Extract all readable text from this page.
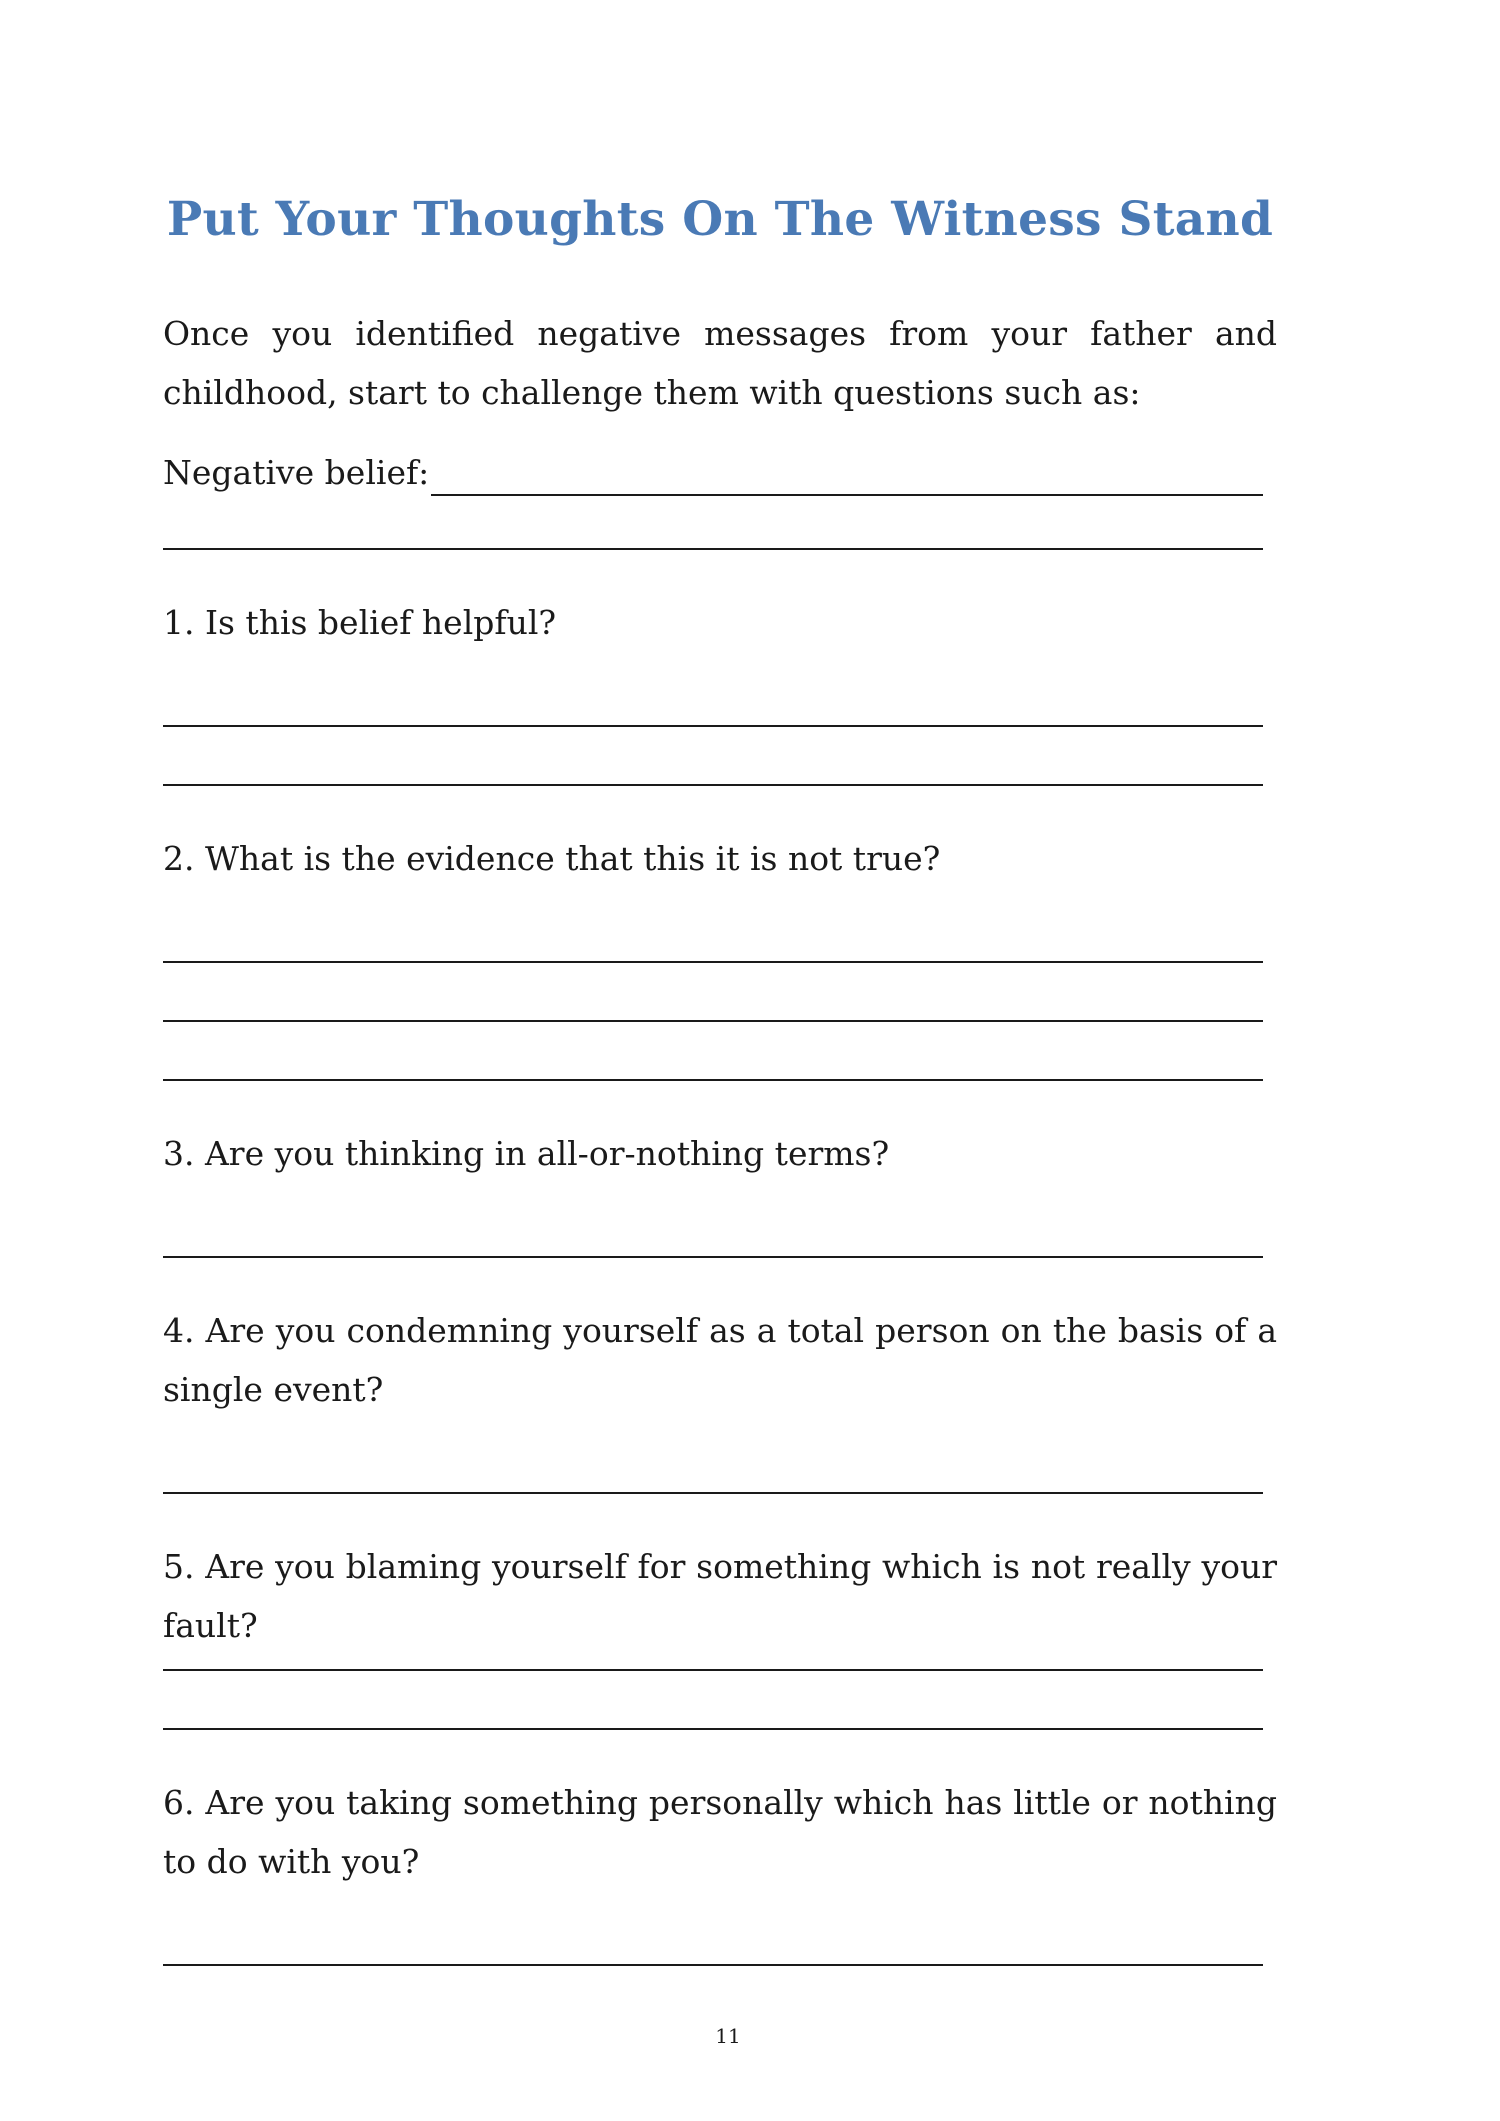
Put Your Thoughts On The Witness Stand

Once you identified negative messages from your father and childhood, start to challenge them with questions such as:

Negative belief:

1. Is this belief helpful?

2. What is the evidence that this it is not true?

3. Are you thinking in all-or-nothing terms?

4. Are you condemning yourself as a total person on the basis of a single event?

5. Are you blaming yourself for something which is not really your fault?

6. Are you taking something personally which has little or nothing to do with you?

11
